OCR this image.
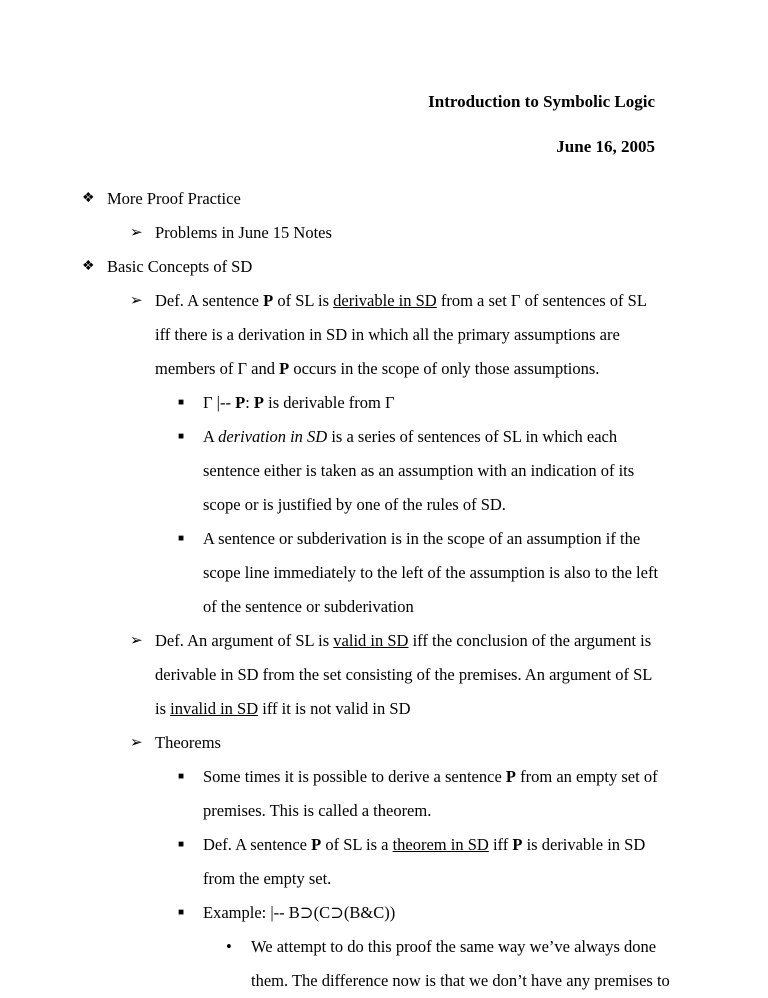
Introduction to Symbolic Logic
June 16, 2005
❖ More Proof Practice
➢ Problems in June 15 Notes
❖ Basic Concepts of SD
➢ Def. A sentence P of SL is derivable in SD from a set Γ of sentences of SL iff there is a derivation in SD in which all the primary assumptions are members of Γ and P occurs in the scope of only those assumptions.
■ Γ |-- P: P is derivable from Γ
■ A derivation in SD is a series of sentences of SL in which each sentence either is taken as an assumption with an indication of its scope or is justified by one of the rules of SD.
■ A sentence or subderivation is in the scope of an assumption if the scope line immediately to the left of the assumption is also to the left of the sentence or subderivation
➢ Def. An argument of SL is valid in SD iff the conclusion of the argument is derivable in SD from the set consisting of the premises. An argument of SL is invalid in SD iff it is not valid in SD
➢ Theorems
■ Some times it is possible to derive a sentence P from an empty set of premises. This is called a theorem.
■ Def. A sentence P of SL is a theorem in SD iff P is derivable in SD from the empty set.
■ Example: |-- B⊃(C⊃(B&C))
• We attempt to do this proof the same way we’ve always done them. The difference now is that we don’t have any premises to
